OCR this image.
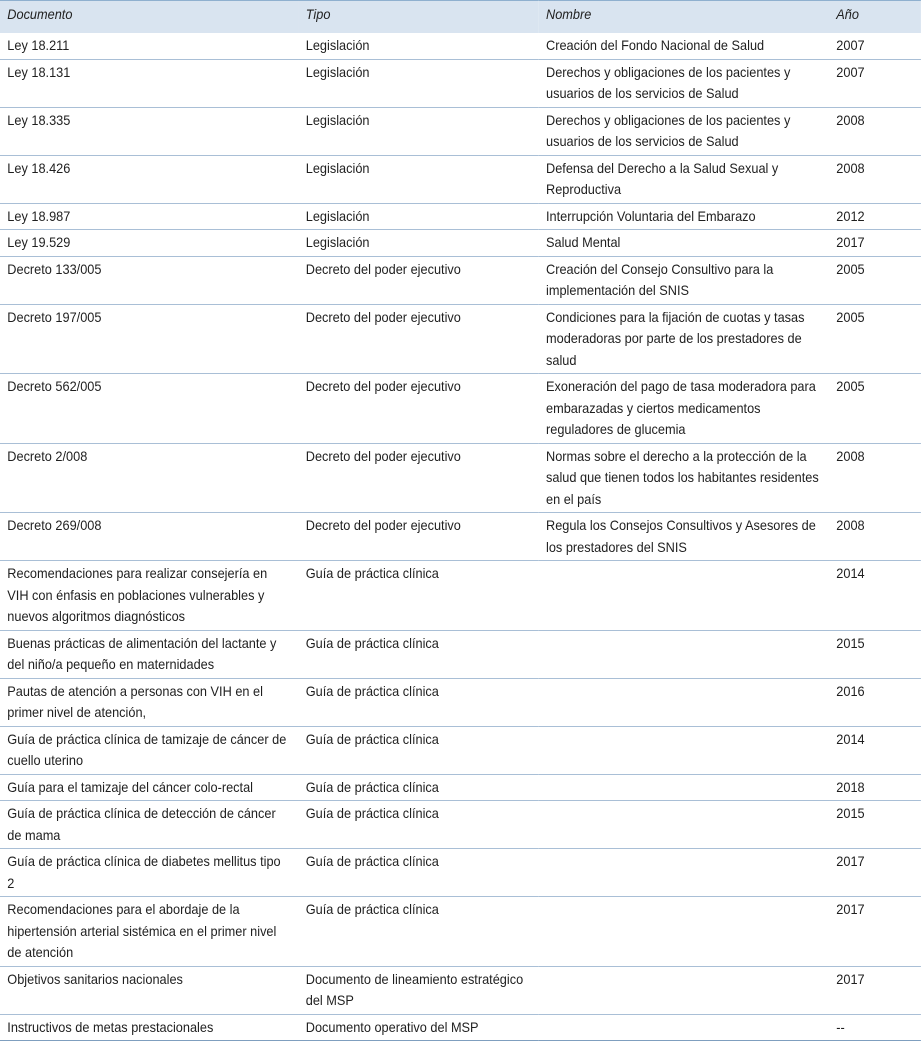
Documento	Tipo	Nombre	Año
Ley 18.211	Legislación	Creación del Fondo Nacional de Salud	2007
Ley 18.131	Legislación	Derechos y obligaciones de los pacientes y usuarios de los servicios de Salud	2007
Ley 18.335	Legislación	Derechos y obligaciones de los pacientes y usuarios de los servicios de Salud	2008
Ley 18.426	Legislación	Defensa del Derecho a la Salud Sexual y Reproductiva	2008
Ley 18.987	Legislación	Interrupción Voluntaria del Embarazo	2012
Ley 19.529	Legislación	Salud Mental	2017
Decreto 133/005	Decreto del poder ejecutivo	Creación del Consejo Consultivo para la implementación del SNIS	2005
Decreto 197/005	Decreto del poder ejecutivo	Condiciones para la fijación de cuotas y tasas moderadoras por parte de los prestadores de salud	2005
Decreto 562/005	Decreto del poder ejecutivo	Exoneración del pago de tasa moderadora para embarazadas y ciertos medicamentos reguladores de glucemia	2005
Decreto 2/008	Decreto del poder ejecutivo	Normas sobre el derecho a la protección de la salud que tienen todos los habitantes residentes en el país	2008
Decreto 269/008	Decreto del poder ejecutivo	Regula los Consejos Consultivos y Asesores de los prestadores del SNIS	2008
Recomendaciones para realizar consejería en VIH con énfasis en poblaciones vulnerables y nuevos algoritmos diagnósticos	Guía de práctica clínica		2014
Buenas prácticas de alimentación del lactante y del niño/a pequeño en maternidades	Guía de práctica clínica		2015
Pautas de atención a personas con VIH en el primer nivel de atención,	Guía de práctica clínica		2016
Guía de práctica clínica de tamizaje de cáncer de cuello uterino	Guía de práctica clínica		2014
Guía para el tamizaje del cáncer colo-rectal	Guía de práctica clínica		2018
Guía de práctica clínica de detección de cáncer de mama	Guía de práctica clínica		2015
Guía de práctica clínica de diabetes mellitus tipo 2	Guía de práctica clínica		2017
Recomendaciones para el abordaje de la hipertensión arterial sistémica en el primer nivel de atención	Guía de práctica clínica		2017
Objetivos sanitarios nacionales	Documento de lineamiento estratégico del MSP		2017
Instructivos de metas prestacionales	Documento operativo del MSP		--
